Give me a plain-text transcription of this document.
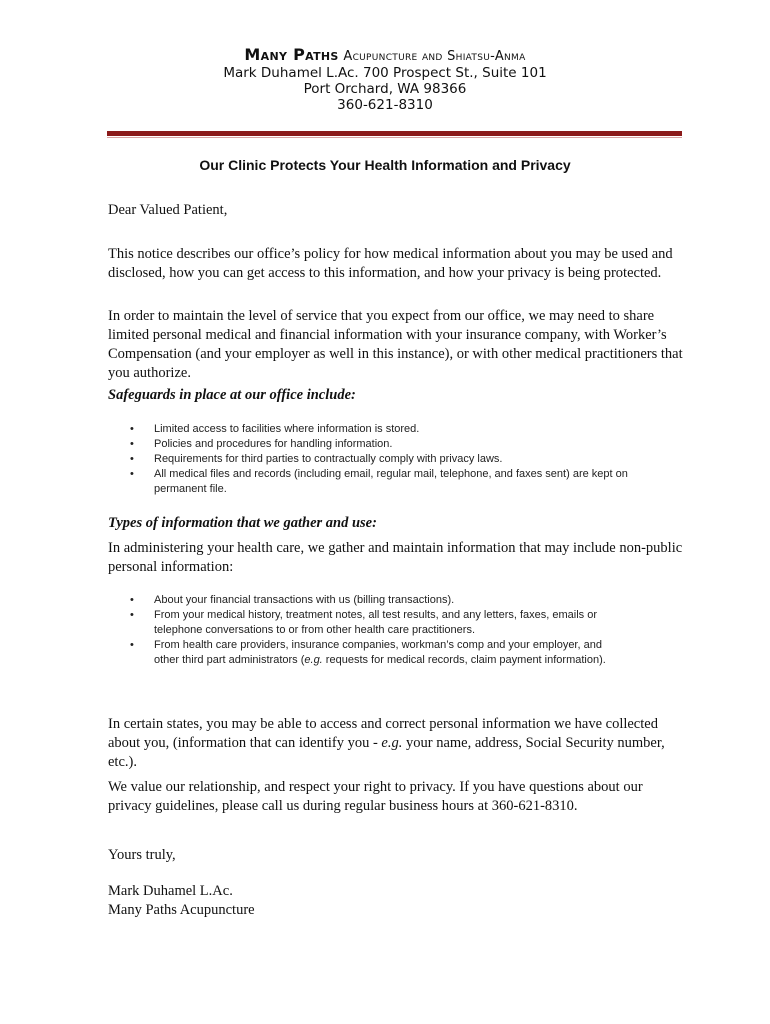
Many Paths Acupuncture and Shiatsu-Anma
Mark Duhamel L.Ac. 700 Prospect St., Suite 101
Port Orchard, WA 98366
360-621-8310
Our Clinic Protects Your Health Information and Privacy

Dear Valued Patient,

This notice describes our office’s policy for how medical information about you may be used and disclosed, how you can get access to this information, and how your privacy is being protected.

In order to maintain the level of service that you expect from our office, we may need to share limited personal medical and financial information with your insurance company, with Worker’s Compensation (and your employer as well in this instance), or with other medical practitioners that you authorize.

Safeguards in place at our office include:

• Limited access to facilities where information is stored.
• Policies and procedures for handling information.
• Requirements for third parties to contractually comply with privacy laws.
• All medical files and records (including email, regular mail, telephone, and faxes sent) are kept on permanent file.

Types of information that we gather and use:

In administering your health care, we gather and maintain information that may include non-public personal information:

• About your financial transactions with us (billing transactions).
• From your medical history, treatment notes, all test results, and any letters, faxes, emails or telephone conversations to or from other health care practitioners.
• From health care providers, insurance companies, workman’s comp and your employer, and other third part administrators (e.g. requests for medical records, claim payment information).

In certain states, you may be able to access and correct personal information we have collected about you, (information that can identify you - e.g. your name, address, Social Security number, etc.).

We value our relationship, and respect your right to privacy. If you have questions about our privacy guidelines, please call us during regular business hours at 360-621-8310.

Yours truly,

Mark Duhamel L.Ac.

Many Paths Acupuncture
